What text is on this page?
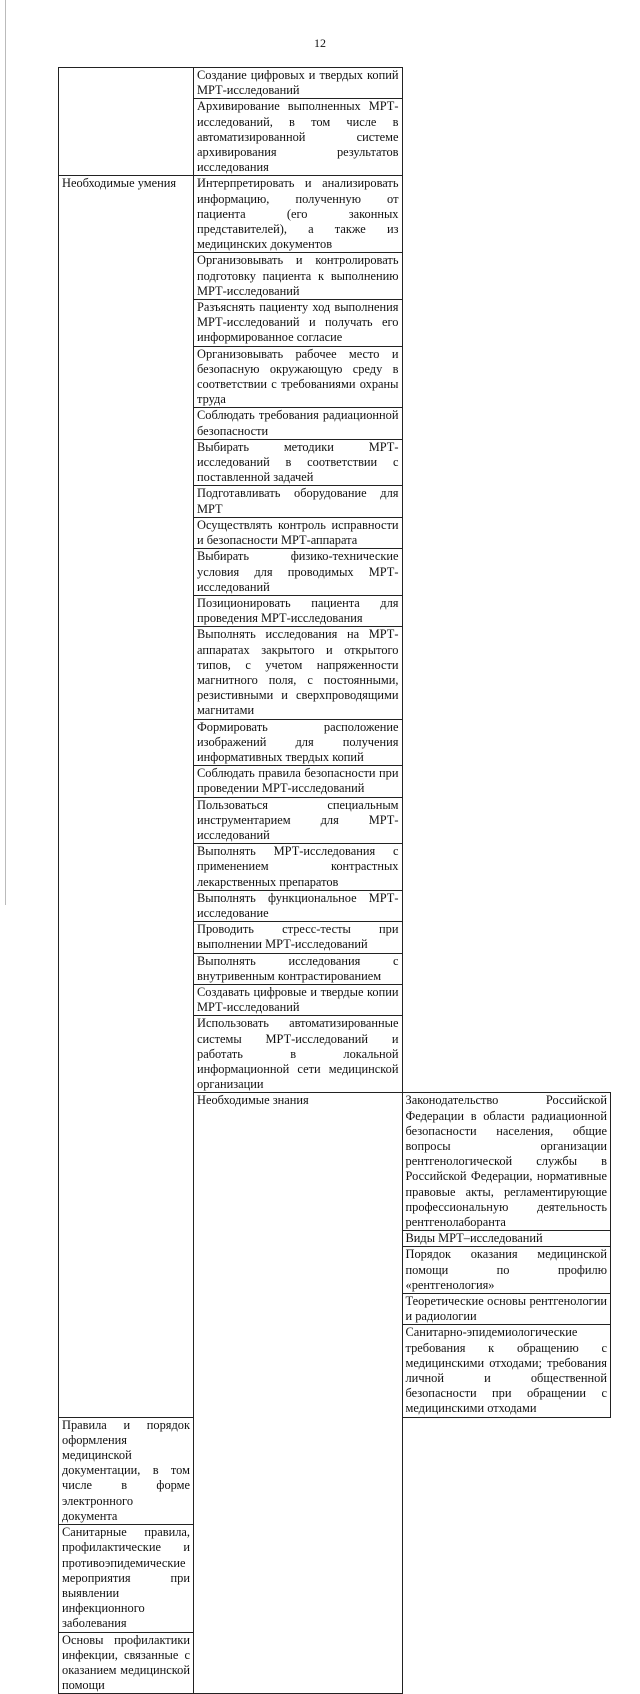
12
	Создание цифровых и твердых копий МРТ-исследований	
	Архивирование выполненных МРТ-исследований, в том числе в автоматизированной системе архивирования результатов исследования	
Необходимые умения	Интерпретировать и анализировать информацию, полученную от пациента (его законных представителей), а также из медицинских документов	
	Организовывать и контролировать подготовку пациента к выполнению МРТ-исследований	
	Разъяснять пациенту ход выполнения МРТ-исследований и получать его информированное согласие	
	Организовывать рабочее место и безопасную окружающую среду в соответствии с требованиями охраны труда	
	Соблюдать требования радиационной безопасности	
	Выбирать методики МРТ-исследований в соответствии с поставленной задачей	
	Подготавливать оборудование для МРТ	
	Осуществлять контроль исправности и безопасности МРТ-аппарата	
	Выбирать физико-технические условия для проводимых МРТ-исследований	
	Позиционировать пациента для проведения МРТ-исследования	
	Выполнять исследования на МРТ-аппаратах закрытого и открытого типов, с учетом напряженности магнитного поля, с постоянными, резистивными и сверхпроводящими магнитами	
	Формировать расположение изображений для получения информативных твердых копий	
	Соблюдать правила безопасности при проведении МРТ-исследований	
	Пользоваться специальным инструментарием для МРТ-исследований	
	Выполнять МРТ-исследования с применением контрастных лекарственных препаратов	
	Выполнять функциональное МРТ-исследование	
	Проводить стресс-тесты при выполнении МРТ-исследований	
	Выполнять исследования с внутривенным контрастированием	
	Создавать цифровые и твердые копии МРТ-исследований	
	Использовать автоматизированные системы МРТ-исследований и работать в локальной информационной сети медицинской организации	
	Необходимые знания	Законодательство Российской Федерации в области радиационной безопасности населения, общие вопросы организации рентгенологической службы в Российской Федерации, нормативные правовые акты, регламентирующие профессиональную деятельность рентгенолаборанта
		Виды МРТ–исследований
		Порядок оказания медицинской помощи по профилю «рентгенология»
		Теоретические основы рентгенологии и радиологии
		Санитарно-эпидемиологические требования к обращению с медицинскими отходами; требования личной и общественной безопасности при обращении с медицинскими отходами
Правила и порядок оформления медицинской документации, в том числе в форме электронного документа		
Санитарные правила, профилактические и противоэпидемические мероприятия при выявлении инфекционного заболевания		
Основы профилактики инфекции, связанные с оказанием медицинской помощи		
